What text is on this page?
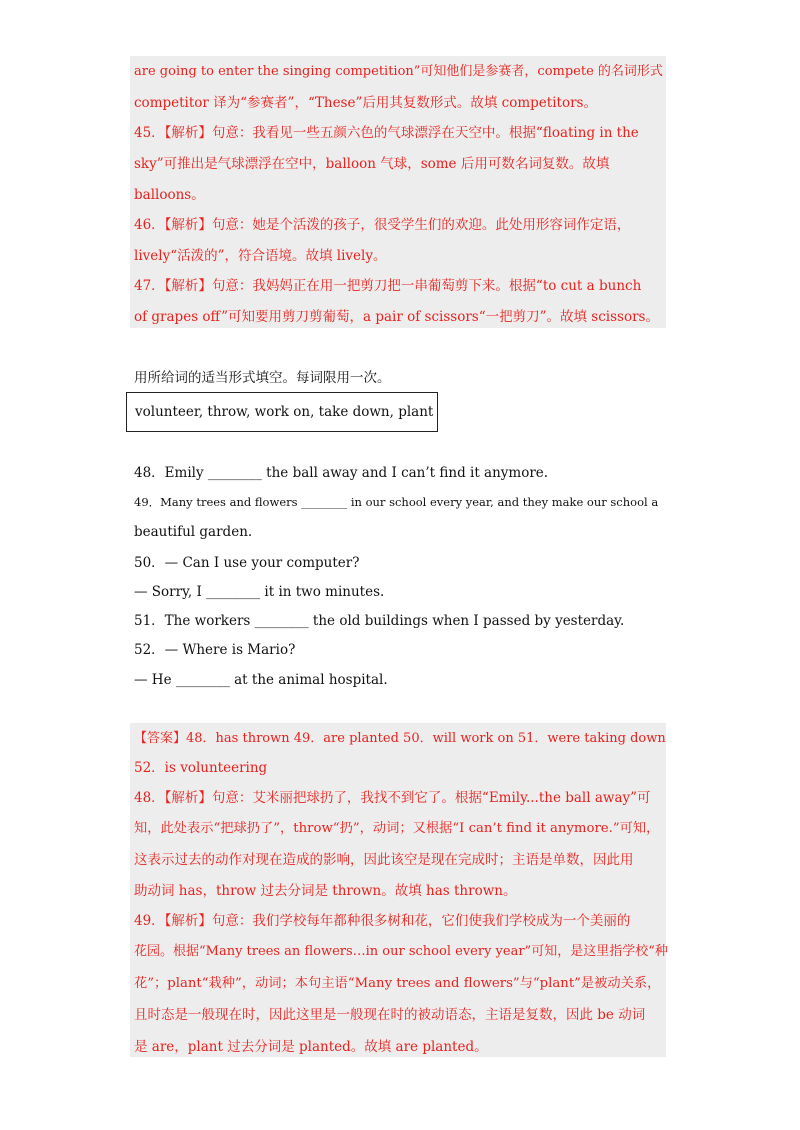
are going to enter the singing competition”可知他们是参赛者，compete 的名词形式
competitor 译为“参赛者”，“These”后用其复数形式。故填 competitors。
45．【解析】句意：我看见一些五颜六色的气球漂浮在天空中。根据“floating in the
sky”可推出是气球漂浮在空中，balloon 气球，some 后用可数名词复数。故填
balloons。
46．【解析】句意：她是个活泼的孩子，很受学生们的欢迎。此处用形容词作定语，
lively“活泼的”，符合语境。故填 lively。
47．【解析】句意：我妈妈正在用一把剪刀把一串葡萄剪下来。根据“to cut a bunch
of grapes off”可知要用剪刀剪葡萄，a pair of scissors“一把剪刀”。故填 scissors。
用所给词的适当形式填空。每词限用一次。
volunteer, throw, work on, take down, plant
48．Emily ________ the ball away and I can’t find it anymore.
49．Many trees and flowers ________ in our school every year, and they make our school a
beautiful garden.
50．— Can I use your computer?
— Sorry, I ________ it in two minutes.
51．The workers ________ the old buildings when I passed by yesterday.
52．— Where is Mario?
— He ________ at the animal hospital.
【答案】48．has thrown 49．are planted 50．will work on 51．were taking down
52．is volunteering
48．【解析】句意：艾米丽把球扔了，我找不到它了。根据“Emily...the ball away”可
知，此处表示“把球扔了”，throw“扔”，动词；又根据“I can’t find it anymore.”可知，
这表示过去的动作对现在造成的影响，因此该空是现在完成时；主语是单数，因此用
助动词 has，throw 过去分词是 thrown。故填 has thrown。
49．【解析】句意：我们学校每年都种很多树和花，它们使我们学校成为一个美丽的
花园。根据“Many trees an flowers…in our school every year”可知，是这里指学校“种
花”；plant“栽种”，动词；本句主语“Many trees and flowers”与“plant”是被动关系，
且时态是一般现在时，因此这里是一般现在时的被动语态，主语是复数，因此 be 动词
是 are，plant 过去分词是 planted。故填 are planted。
